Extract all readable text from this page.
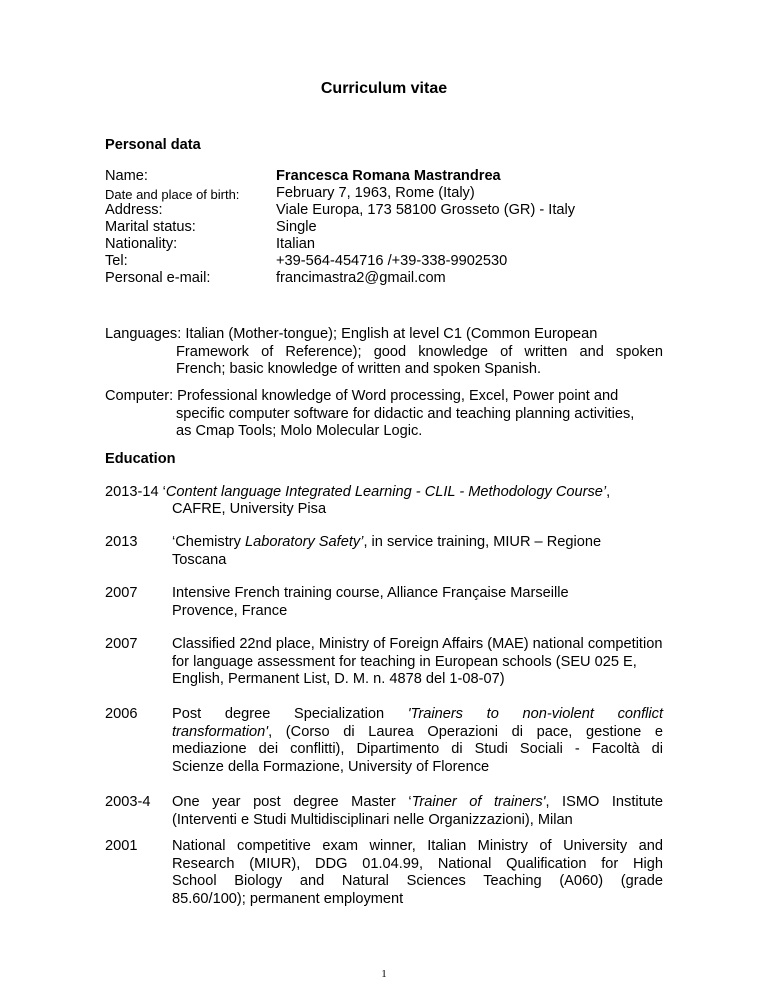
Curriculum vitae
Personal data
Name:	Francesca Romana Mastrandrea
Date and place of birth:	February 7, 1963, Rome (Italy)
Address:	Viale Europa, 173 58100 Grosseto (GR) - Italy
Marital status:	Single
Nationality:	Italian
Tel:	+39-564-454716 /+39-338-9902530
Personal e-mail:	francimastra2@gmail.com
Languages: Italian (Mother-tongue); English at level C1 (Common European
Framework of Reference); good knowledge of written and spoken
French; basic knowledge of written and spoken Spanish.
Computer: Professional knowledge of Word processing, Excel, Power point and
specific computer software for didactic and teaching planning activities,
as Cmap Tools; Molo Molecular Logic.
Education
2013-14 ‘Content language Integrated Learning - CLIL - Methodology Course’,
CAFRE, University Pisa
2013 ‘Chemistry Laboratory Safety’, in service training, MIUR – Regione
Toscana
2007 Intensive French training course, Alliance Française Marseille
Provence, France
2007 Classified 22nd place, Ministry of Foreign Affairs (MAE) national competition
for language assessment for teaching in European schools (SEU 025 E,
English, Permanent List, D. M. n. 4878 del 1-08-07)
2006 Post degree Specialization 'Trainers to non-violent conflict
transformation', (Corso di Laurea Operazioni di pace, gestione e
mediazione dei conflitti), Dipartimento di Studi Sociali - Facoltà di
Scienze della Formazione, University of Florence
2003-4 One year post degree Master ‘Trainer of trainers', ISMO Institute
(Interventi e Studi Multidisciplinari nelle Organizzazioni), Milan
2001 National competitive exam winner, Italian Ministry of University and
Research (MIUR), DDG 01.04.99, National Qualification for High
School Biology and Natural Sciences Teaching (A060) (grade
85.60/100); permanent employment
1
